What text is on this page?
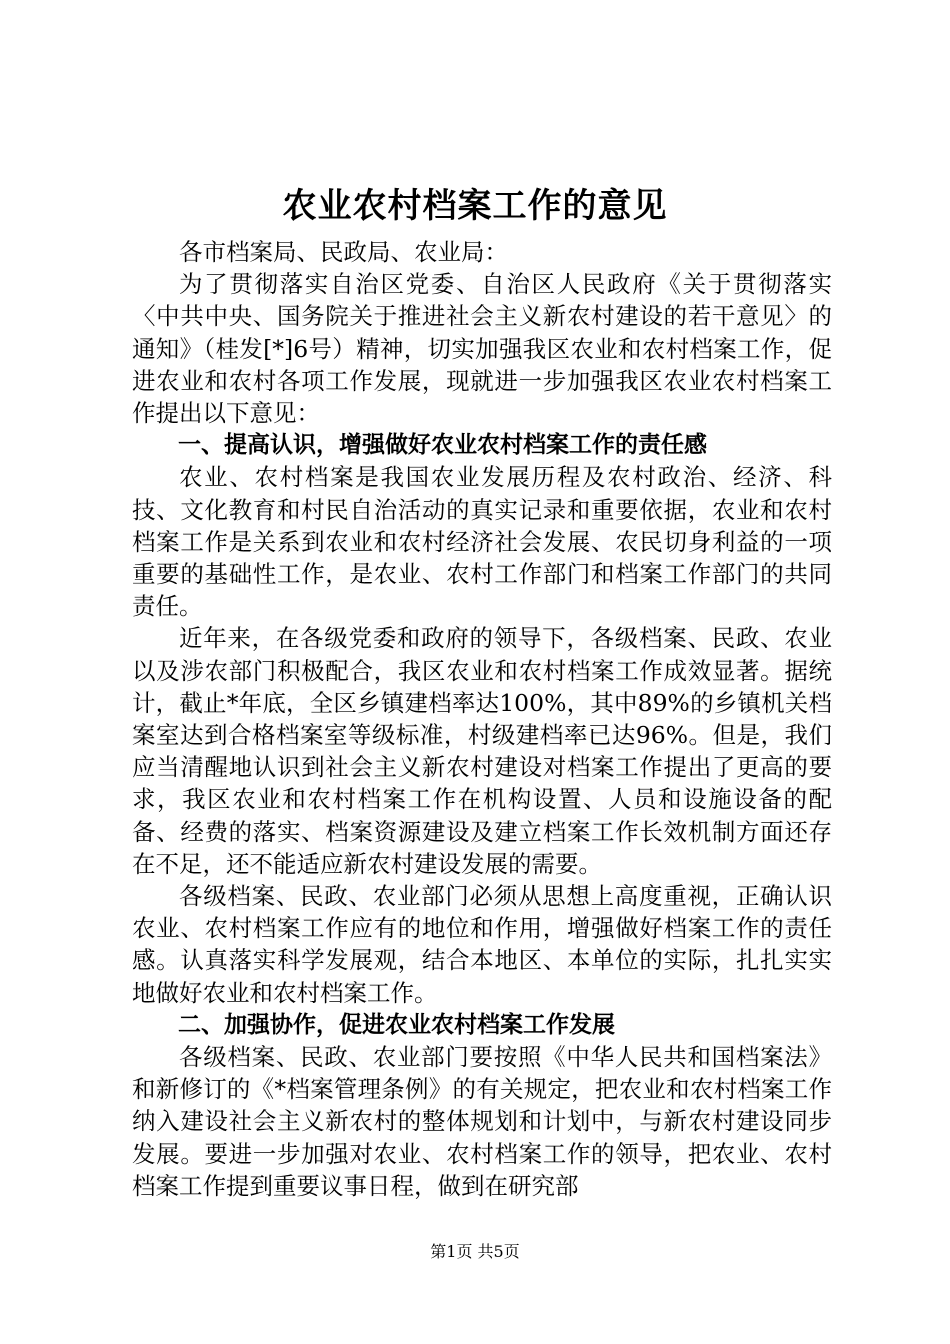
农业农村档案工作的意见

各市档案局、民政局、农业局：

为了贯彻落实自治区党委、自治区人民政府《关于贯彻落实〈中共中央、国务院关于推进社会主义新农村建设的若干意见〉的通知》（桂发[*]6号）精神，切实加强我区农业和农村档案工作，促进农业和农村各项工作发展，现就进一步加强我区农业农村档案工作提出以下意见：

一、提高认识，增强做好农业农村档案工作的责任感

农业、农村档案是我国农业发展历程及农村政治、经济、科技、文化教育和村民自治活动的真实记录和重要依据，农业和农村档案工作是关系到农业和农村经济社会发展、农民切身利益的一项重要的基础性工作，是农业、农村工作部门和档案工作部门的共同责任。

近年来，在各级党委和政府的领导下，各级档案、民政、农业以及涉农部门积极配合，我区农业和农村档案工作成效显著。据统计，截止*年底，全区乡镇建档率达100%，其中89%的乡镇机关档案室达到合格档案室等级标准，村级建档率已达96%。但是，我们应当清醒地认识到社会主义新农村建设对档案工作提出了更高的要求，我区农业和农村档案工作在机构设置、人员和设施设备的配备、经费的落实、档案资源建设及建立档案工作长效机制方面还存在不足，还不能适应新农村建设发展的需要。

各级档案、民政、农业部门必须从思想上高度重视，正确认识农业、农村档案工作应有的地位和作用，增强做好档案工作的责任感。认真落实科学发展观，结合本地区、本单位的实际，扎扎实实地做好农业和农村档案工作。

二、加强协作，促进农业农村档案工作发展

各级档案、民政、农业部门要按照《中华人民共和国档案法》和新修订的《*档案管理条例》的有关规定，把农业和农村档案工作纳入建设社会主义新农村的整体规划和计划中，与新农村建设同步发展。要进一步加强对农业、农村档案工作的领导，把农业、农村档案工作提到重要议事日程，做到在研究部

第1页 共5页
